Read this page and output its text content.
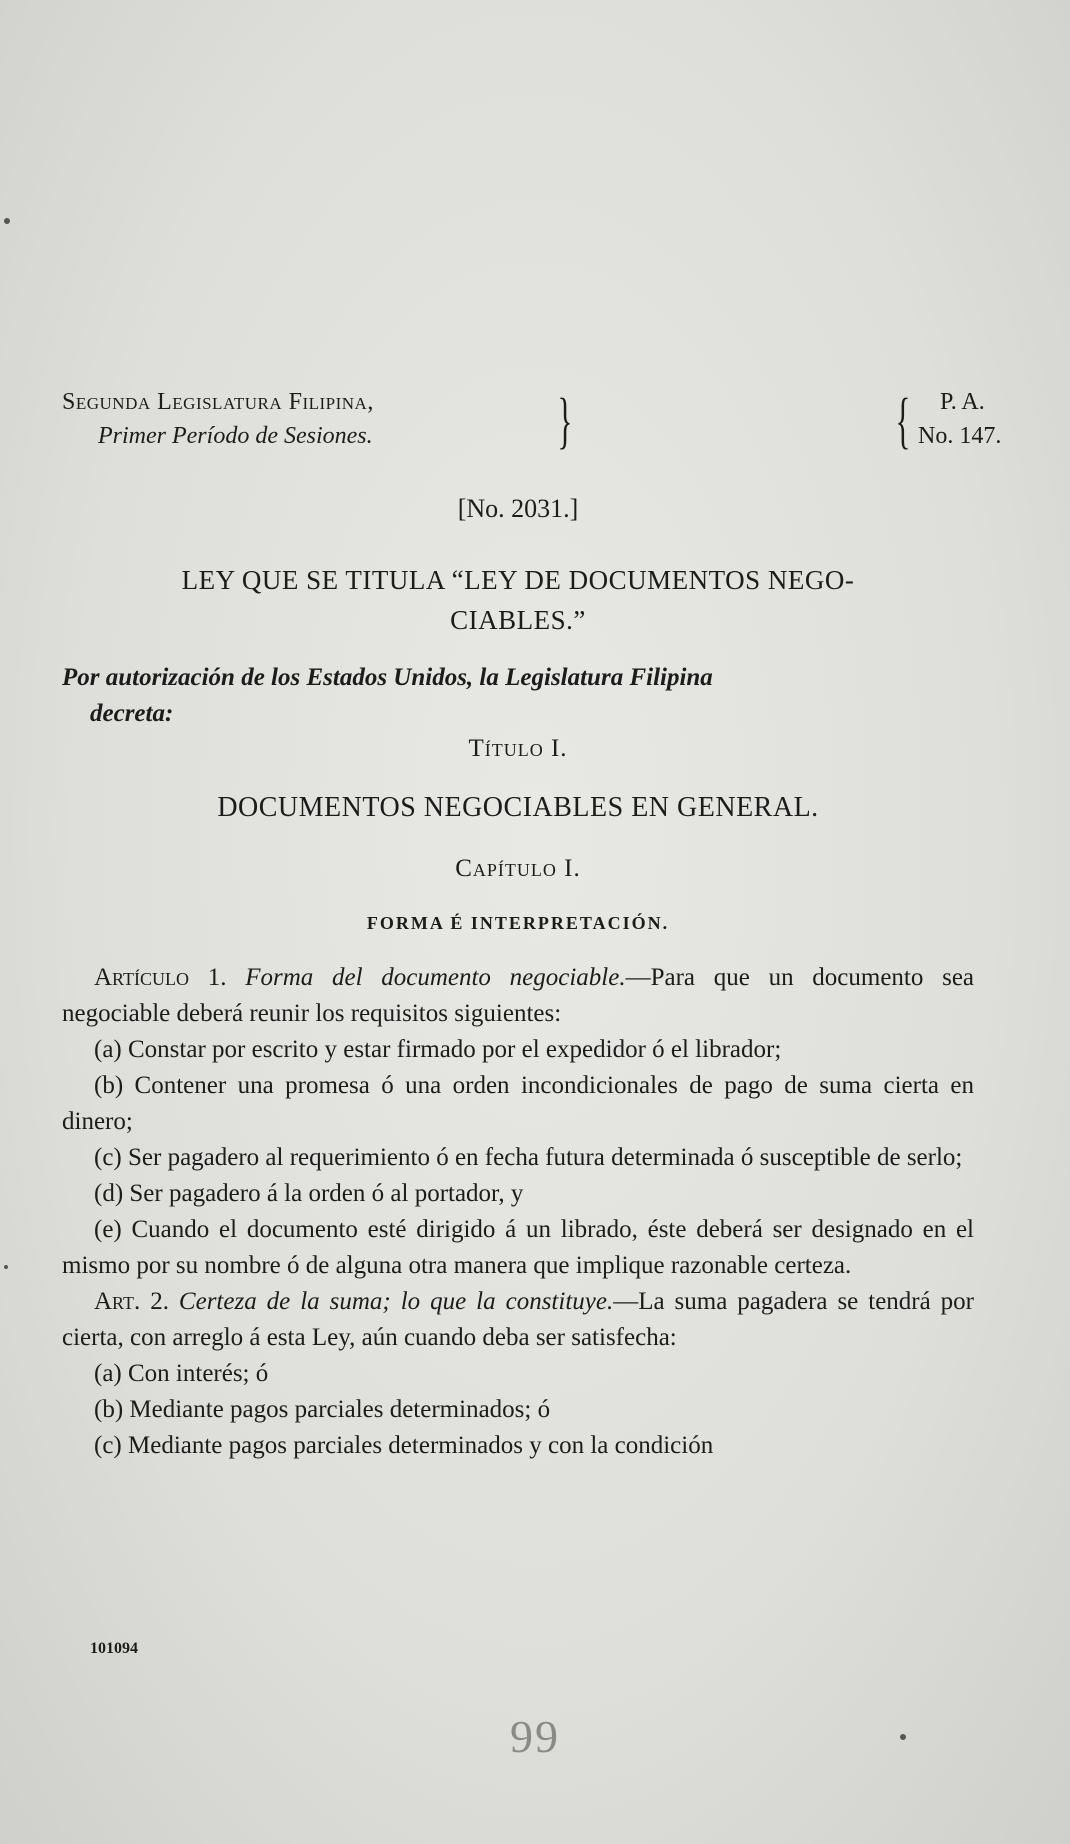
Segunda Legislatura Filipina,
Primer Período de Sesiones.	}	{	P. A.
No. 147.
[No. 2031.]
LEY QUE SE TITULA “LEY DE DOCUMENTOS NEGO-
CIABLES.”
Por autorización de los Estados Unidos, la Legislatura Filipina
decreta:
Título I.
DOCUMENTOS NEGOCIABLES EN GENERAL.
Capítulo I.
FORMA É INTERPRETACIÓN.

Artículo 1. Forma del documento negociable.—Para que un documento sea negociable deberá reunir los requisitos siguientes:

(a) Constar por escrito y estar firmado por el expedidor ó el librador;

(b) Contener una promesa ó una orden incondicionales de pago de suma cierta en dinero;

(c) Ser pagadero al requerimiento ó en fecha futura determinada ó susceptible de serlo;

(d) Ser pagadero á la orden ó al portador, y

(e) Cuando el documento esté dirigido á un librado, éste deberá ser designado en el mismo por su nombre ó de alguna otra manera que implique razonable certeza.

Art. 2. Certeza de la suma; lo que la constituye.—La suma pagadera se tendrá por cierta, con arreglo á esta Ley, aún cuando deba ser satisfecha:

(a) Con interés; ó

(b) Mediante pagos parciales determinados; ó

(c) Mediante pagos parciales determinados y con la condición

101094
99
